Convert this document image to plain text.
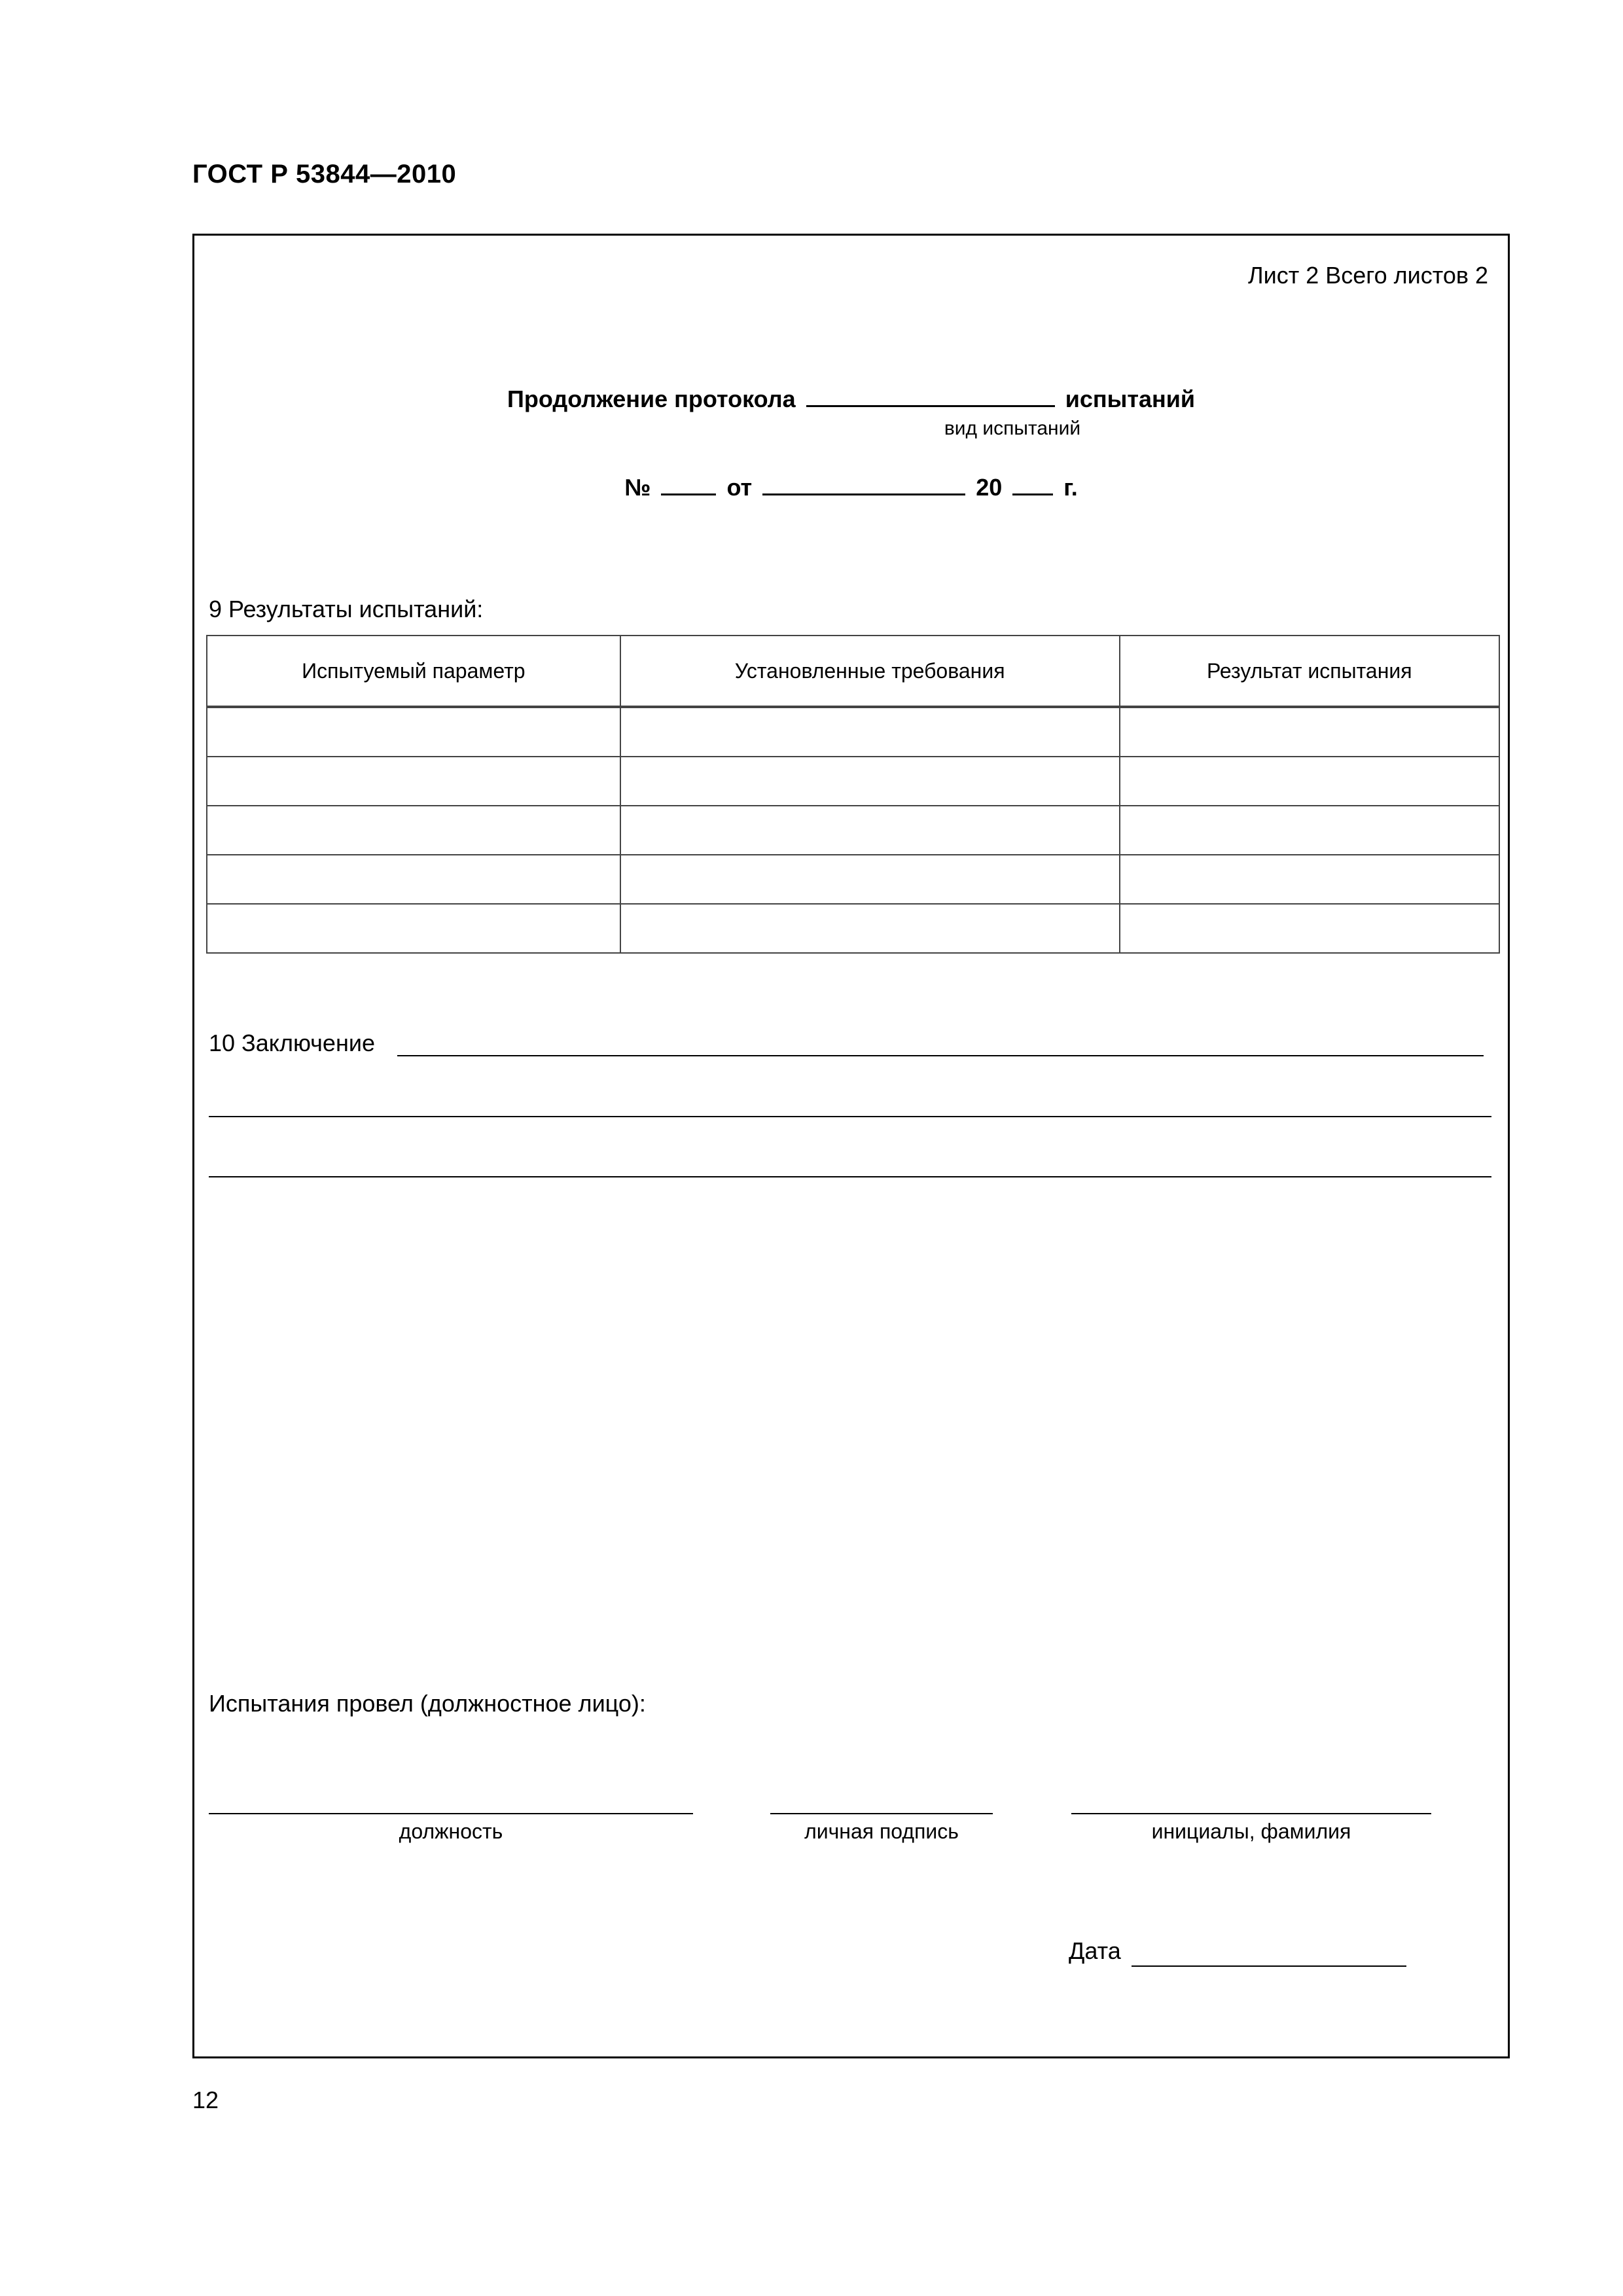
ГОСТ Р 53844—2010
Лист 2 Всего листов 2
Продолжение протокола	испытаний
вид испытаний
№	от	20	г.
9 Результаты испытаний:
Испытуемый параметр	Установленные требования	Результат испытания

10 Заключение
Испытания провел (должностное лицо):
должность	личная подпись	инициалы, фамилия
Дата
12
